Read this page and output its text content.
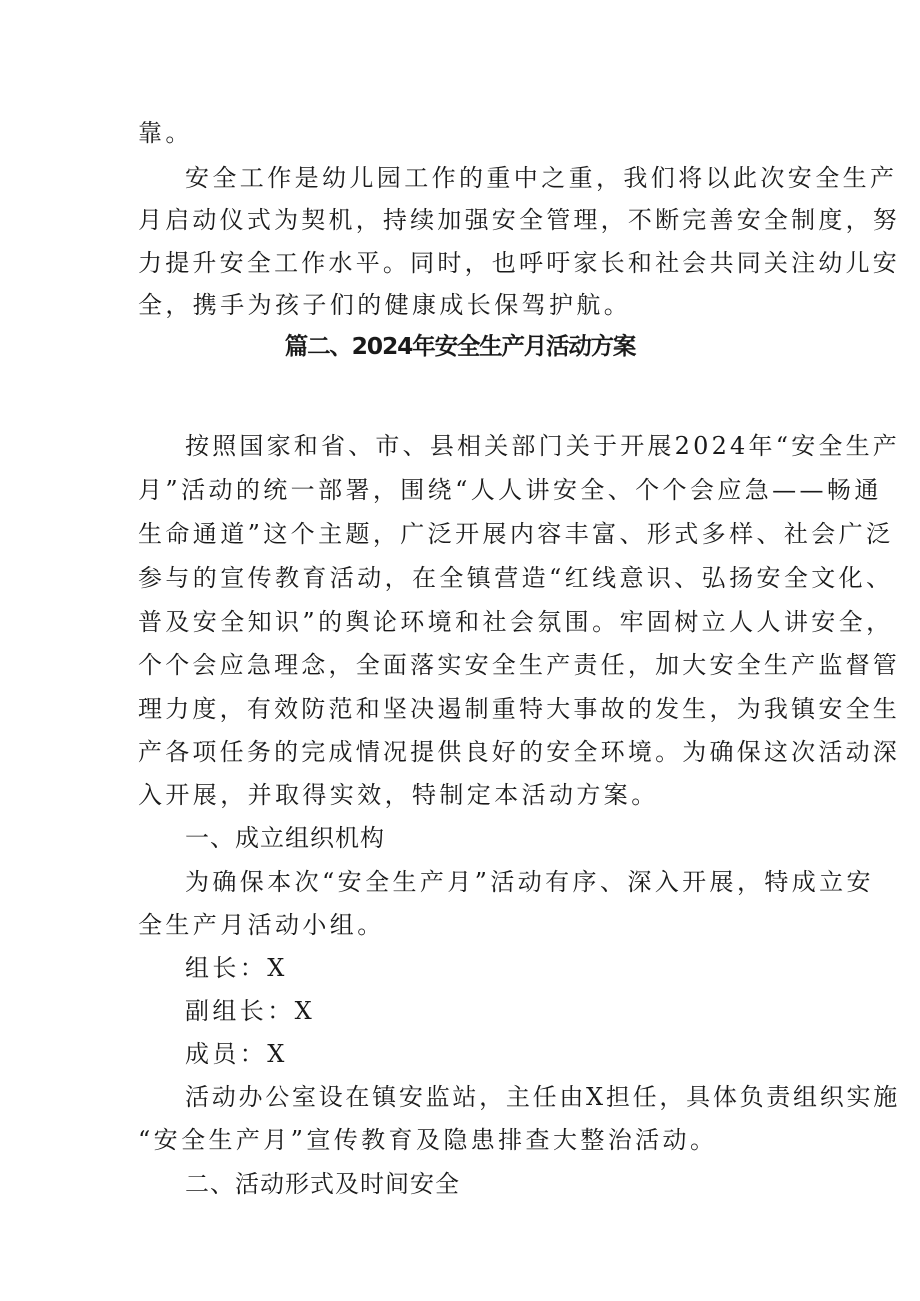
靠。
安全工作是幼儿园工作的重中之重，我们将以此次安全生产
月启动仪式为契机，持续加强安全管理，不断完善安全制度，努
力提升安全工作水平。同时，也呼吁家长和社会共同关注幼儿安
全，携手为孩子们的健康成长保驾护航。
篇二、2024年安全生产月活动方案
按照国家和省、市、县相关部门关于开展2024年“安全生产
月”活动的统一部署，围绕“人人讲安全、个个会应急——畅通
生命通道”这个主题，广泛开展内容丰富、形式多样、社会广泛
参与的宣传教育活动，在全镇营造“红线意识、弘扬安全文化、
普及安全知识”的舆论环境和社会氛围。牢固树立人人讲安全，
个个会应急理念，全面落实安全生产责任，加大安全生产监督管
理力度，有效防范和坚决遏制重特大事故的发生，为我镇安全生
产各项任务的完成情况提供良好的安全环境。为确保这次活动深
入开展，并取得实效，特制定本活动方案。
一、成立组织机构
为确保本次“安全生产月”活动有序、深入开展，特成立安
全生产月活动小组。
组长：X
副组长：X
成员：X
活动办公室设在镇安监站，主任由X担任，具体负责组织实施
“安全生产月”宣传教育及隐患排查大整治活动。
二、活动形式及时间安全
